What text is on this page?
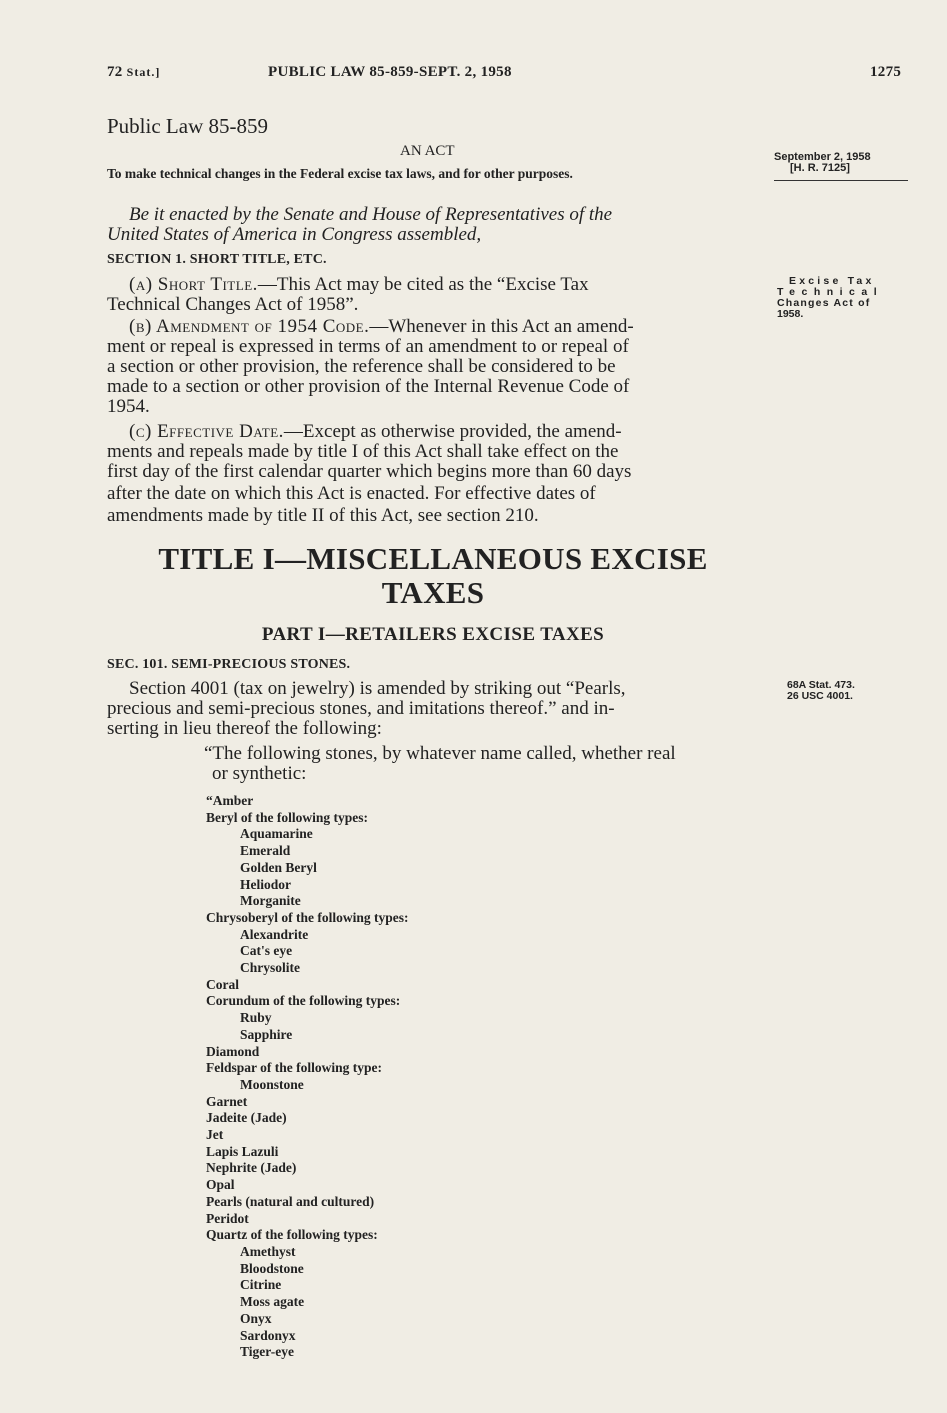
72 Stat.]	PUBLIC LAW 85-859-SEPT. 2, 1958	1275
Public Law 85-859
AN ACT
To make technical changes in the Federal excise tax laws, and for other purposes.
September 2, 1958
[H. R. 7125]
Be it enacted by the Senate and House of Representatives of the
United States of America in Congress assembled,
SECTION 1. SHORT TITLE, ETC.
(a) Short Title.—This Act may be cited as the “Excise Tax
Technical Changes Act of 1958”.
Excise Tax
Technical
Changes Act of
1958.
(b) Amendment of 1954 Code.—Whenever in this Act an amend-
ment or repeal is expressed in terms of an amendment to or repeal of
a section or other provision, the reference shall be considered to be
made to a section or other provision of the Internal Revenue Code of
1954.
(c) Effective Date.—Except as otherwise provided, the amend-
ments and repeals made by title I of this Act shall take effect on the
first day of the first calendar quarter which begins more than 60 days
after the date on which this Act is enacted. For effective dates of
amendments made by title II of this Act, see section 210.
TITLE I—MISCELLANEOUS EXCISE
TAXES
PART I—RETAILERS EXCISE TAXES
SEC. 101. SEMI-PRECIOUS STONES.
Section 4001 (tax on jewelry) is amended by striking out “Pearls,
precious and semi-precious stones, and imitations thereof.” and in-
serting in lieu thereof the following:
68A Stat. 473.
26 USC 4001.
“The following stones, by whatever name called, whether real
or synthetic:
“Amber
Beryl of the following types:
Aquamarine
Emerald
Golden Beryl
Heliodor
Morganite
Chrysoberyl of the following types:
Alexandrite
Cat's eye
Chrysolite
Coral
Corundum of the following types:
Ruby
Sapphire
Diamond
Feldspar of the following type:
Moonstone
Garnet
Jadeite (Jade)
Jet
Lapis Lazuli
Nephrite (Jade)
Opal
Pearls (natural and cultured)
Peridot
Quartz of the following types:
Amethyst
Bloodstone
Citrine
Moss agate
Onyx
Sardonyx
Tiger-eye
